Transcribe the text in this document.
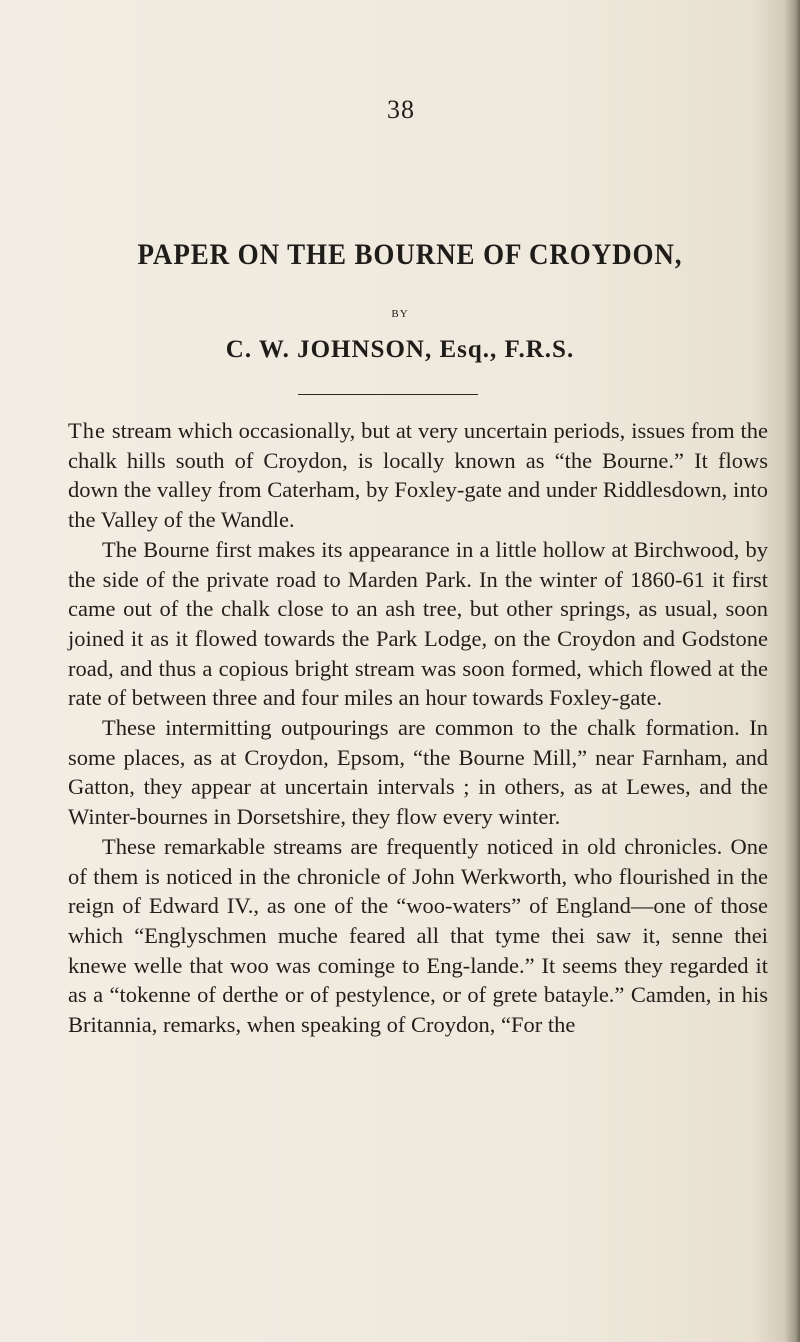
38
PAPER ON THE BOURNE OF CROYDON,
BY
C. W. JOHNSON, Esq., F.R.S.

The stream which occasionally, but at very uncertain periods, issues from the chalk hills south of Croydon, is locally known as “the Bourne.” It flows down the valley from Caterham, by Foxley-gate and under Riddlesdown, into the Valley of the Wandle.

The Bourne first makes its appearance in a little hollow at Birchwood, by the side of the private road to Marden Park. In the winter of 1860-61 it first came out of the chalk close to an ash tree, but other springs, as usual, soon joined it as it flowed towards the Park Lodge, on the Croydon and Godstone road, and thus a copious bright stream was soon formed, which flowed at the rate of between three and four miles an hour towards Foxley-gate.

These intermitting outpourings are common to the chalk formation. In some places, as at Croydon, Epsom, “the Bourne Mill,” near Farnham, and Gatton, they appear at uncertain intervals ; in others, as at Lewes, and the Winter-bournes in Dorsetshire, they flow every winter.

These remarkable streams are frequently noticed in old chronicles. One of them is noticed in the chronicle of John Werkworth, who flourished in the reign of Edward IV., as one of the “woo-waters” of England—one of those which “Englyschmen muche feared all that tyme thei saw it, senne thei knewe welle that woo was cominge to Eng-lande.” It seems they regarded it as a “tokenne of derthe or of pestylence, or of grete batayle.” Camden, in his Britannia, remarks, when speaking of Croydon, “For the
